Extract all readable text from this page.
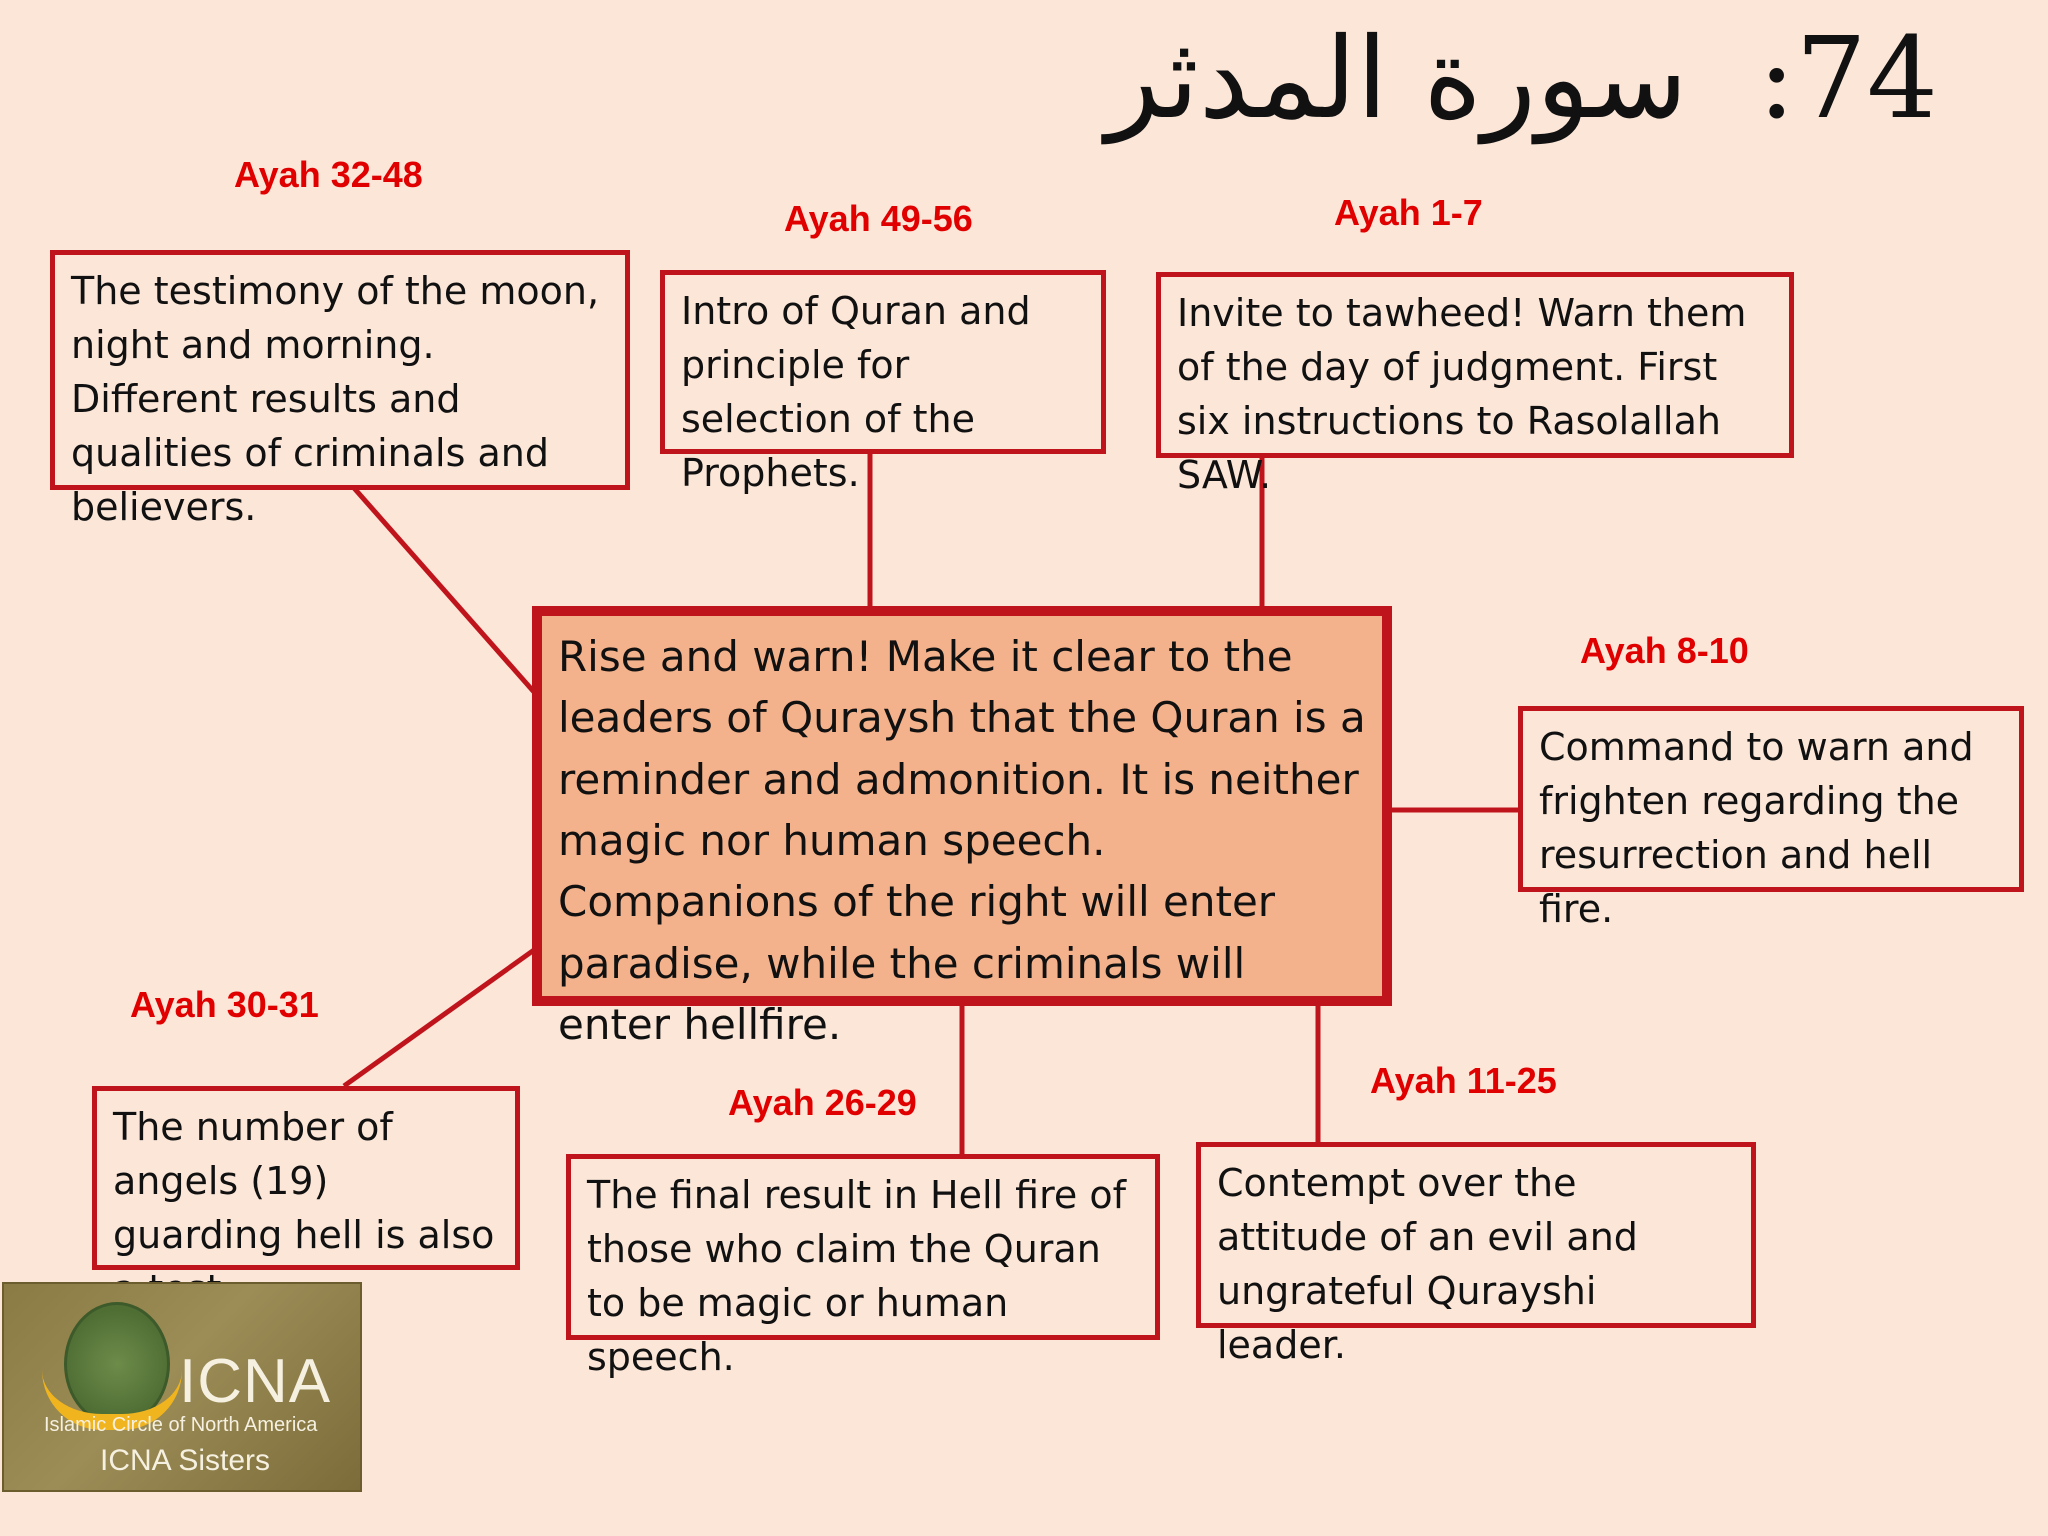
سورة المدثر :74
Ayah 32-48
The testimony of the moon, night and morning. Different results and qualities of criminals and believers.
Ayah 49-56
Intro of Quran and principle for selection of the Prophets.
Ayah 1-7
Invite to tawheed! Warn them of the day of judgment. First six instructions to Rasolallah SAW.
Ayah 8-10
Command to warn and frighten regarding the resurrection and hell fire.
Rise and warn! Make it clear to the leaders of Quraysh that the Quran is a reminder and admonition. It is neither magic nor human speech. Companions of the right will enter paradise, while the criminals will enter hellfire.
Ayah 30-31
The number of angels (19) guarding hell is also
Ayah 26-29
The final result in Hell fire of those who claim the Quran to be magic or human speech.
Ayah 11-25
Contempt over the attitude of an evil and ungrateful Qurayshi leader.
ICNA
Islamic Circle of North America
ICNA Sisters
